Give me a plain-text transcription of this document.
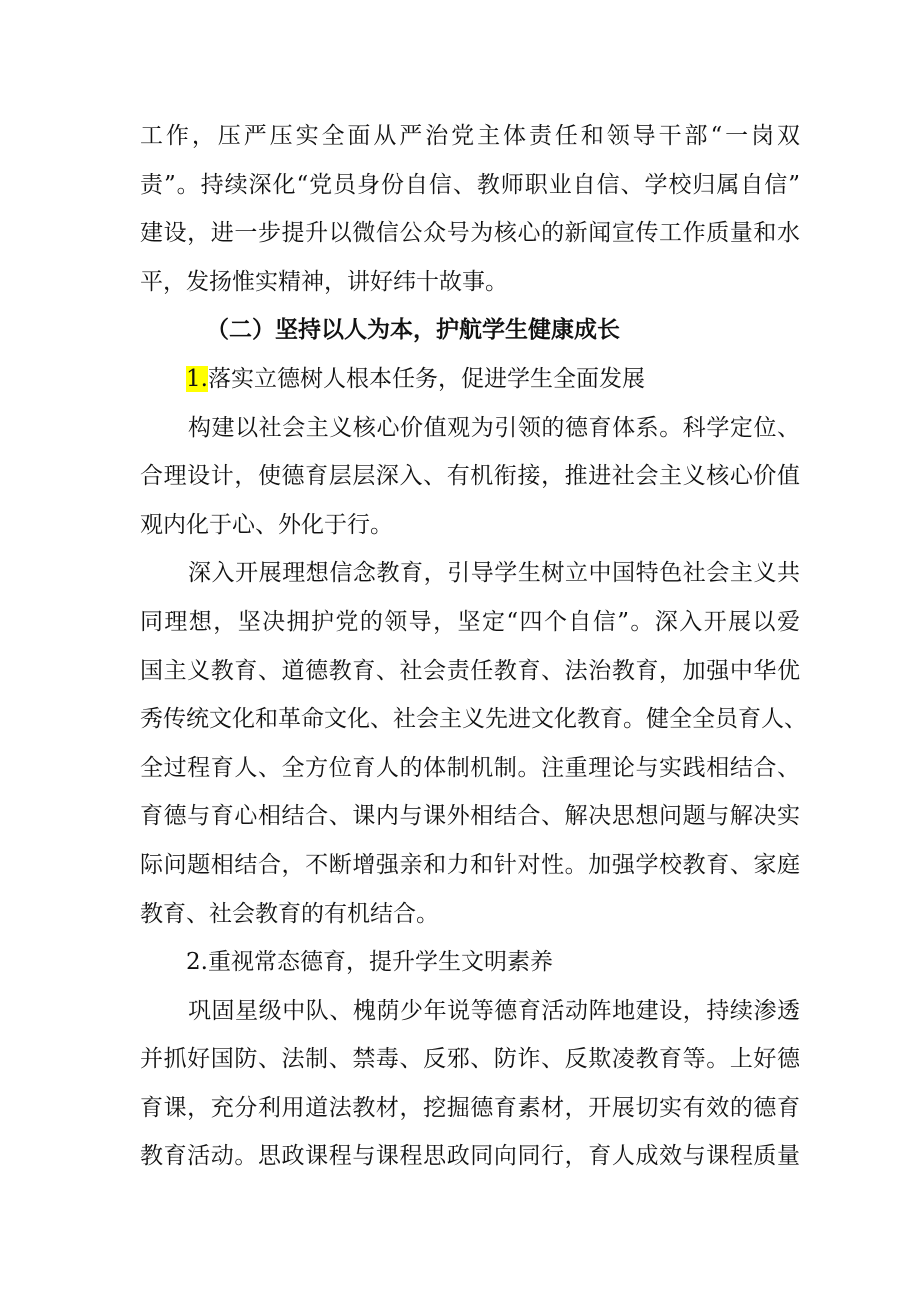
工作，压严压实全面从严治党主体责任和领导干部“一岗双
责”。持续深化“党员身份自信、教师职业自信、学校归属自信”
建设，进一步提升以微信公众号为核心的新闻宣传工作质量和水
平，发扬惟实精神，讲好纬十故事。
（二）坚持以人为本，护航学生健康成长
1.落实立德树人根本任务，促进学生全面发展
构建以社会主义核心价值观为引领的德育体系。科学定位、
合理设计，使德育层层深入、有机衔接，推进社会主义核心价值
观内化于心、外化于行。
深入开展理想信念教育，引导学生树立中国特色社会主义共
同理想，坚决拥护党的领导，坚定“四个自信”。深入开展以爱
国主义教育、道德教育、社会责任教育、法治教育，加强中华优
秀传统文化和革命文化、社会主义先进文化教育。健全全员育人、
全过程育人、全方位育人的体制机制。注重理论与实践相结合、
育德与育心相结合、课内与课外相结合、解决思想问题与解决实
际问题相结合，不断增强亲和力和针对性。加强学校教育、家庭
教育、社会教育的有机结合。
2.重视常态德育，提升学生文明素养
巩固星级中队、槐荫少年说等德育活动阵地建设，持续渗透
并抓好国防、法制、禁毒、反邪、防诈、反欺凌教育等。上好德
育课，充分利用道法教材，挖掘德育素材，开展切实有效的德育
教育活动。思政课程与课程思政同向同行，育人成效与课程质量
